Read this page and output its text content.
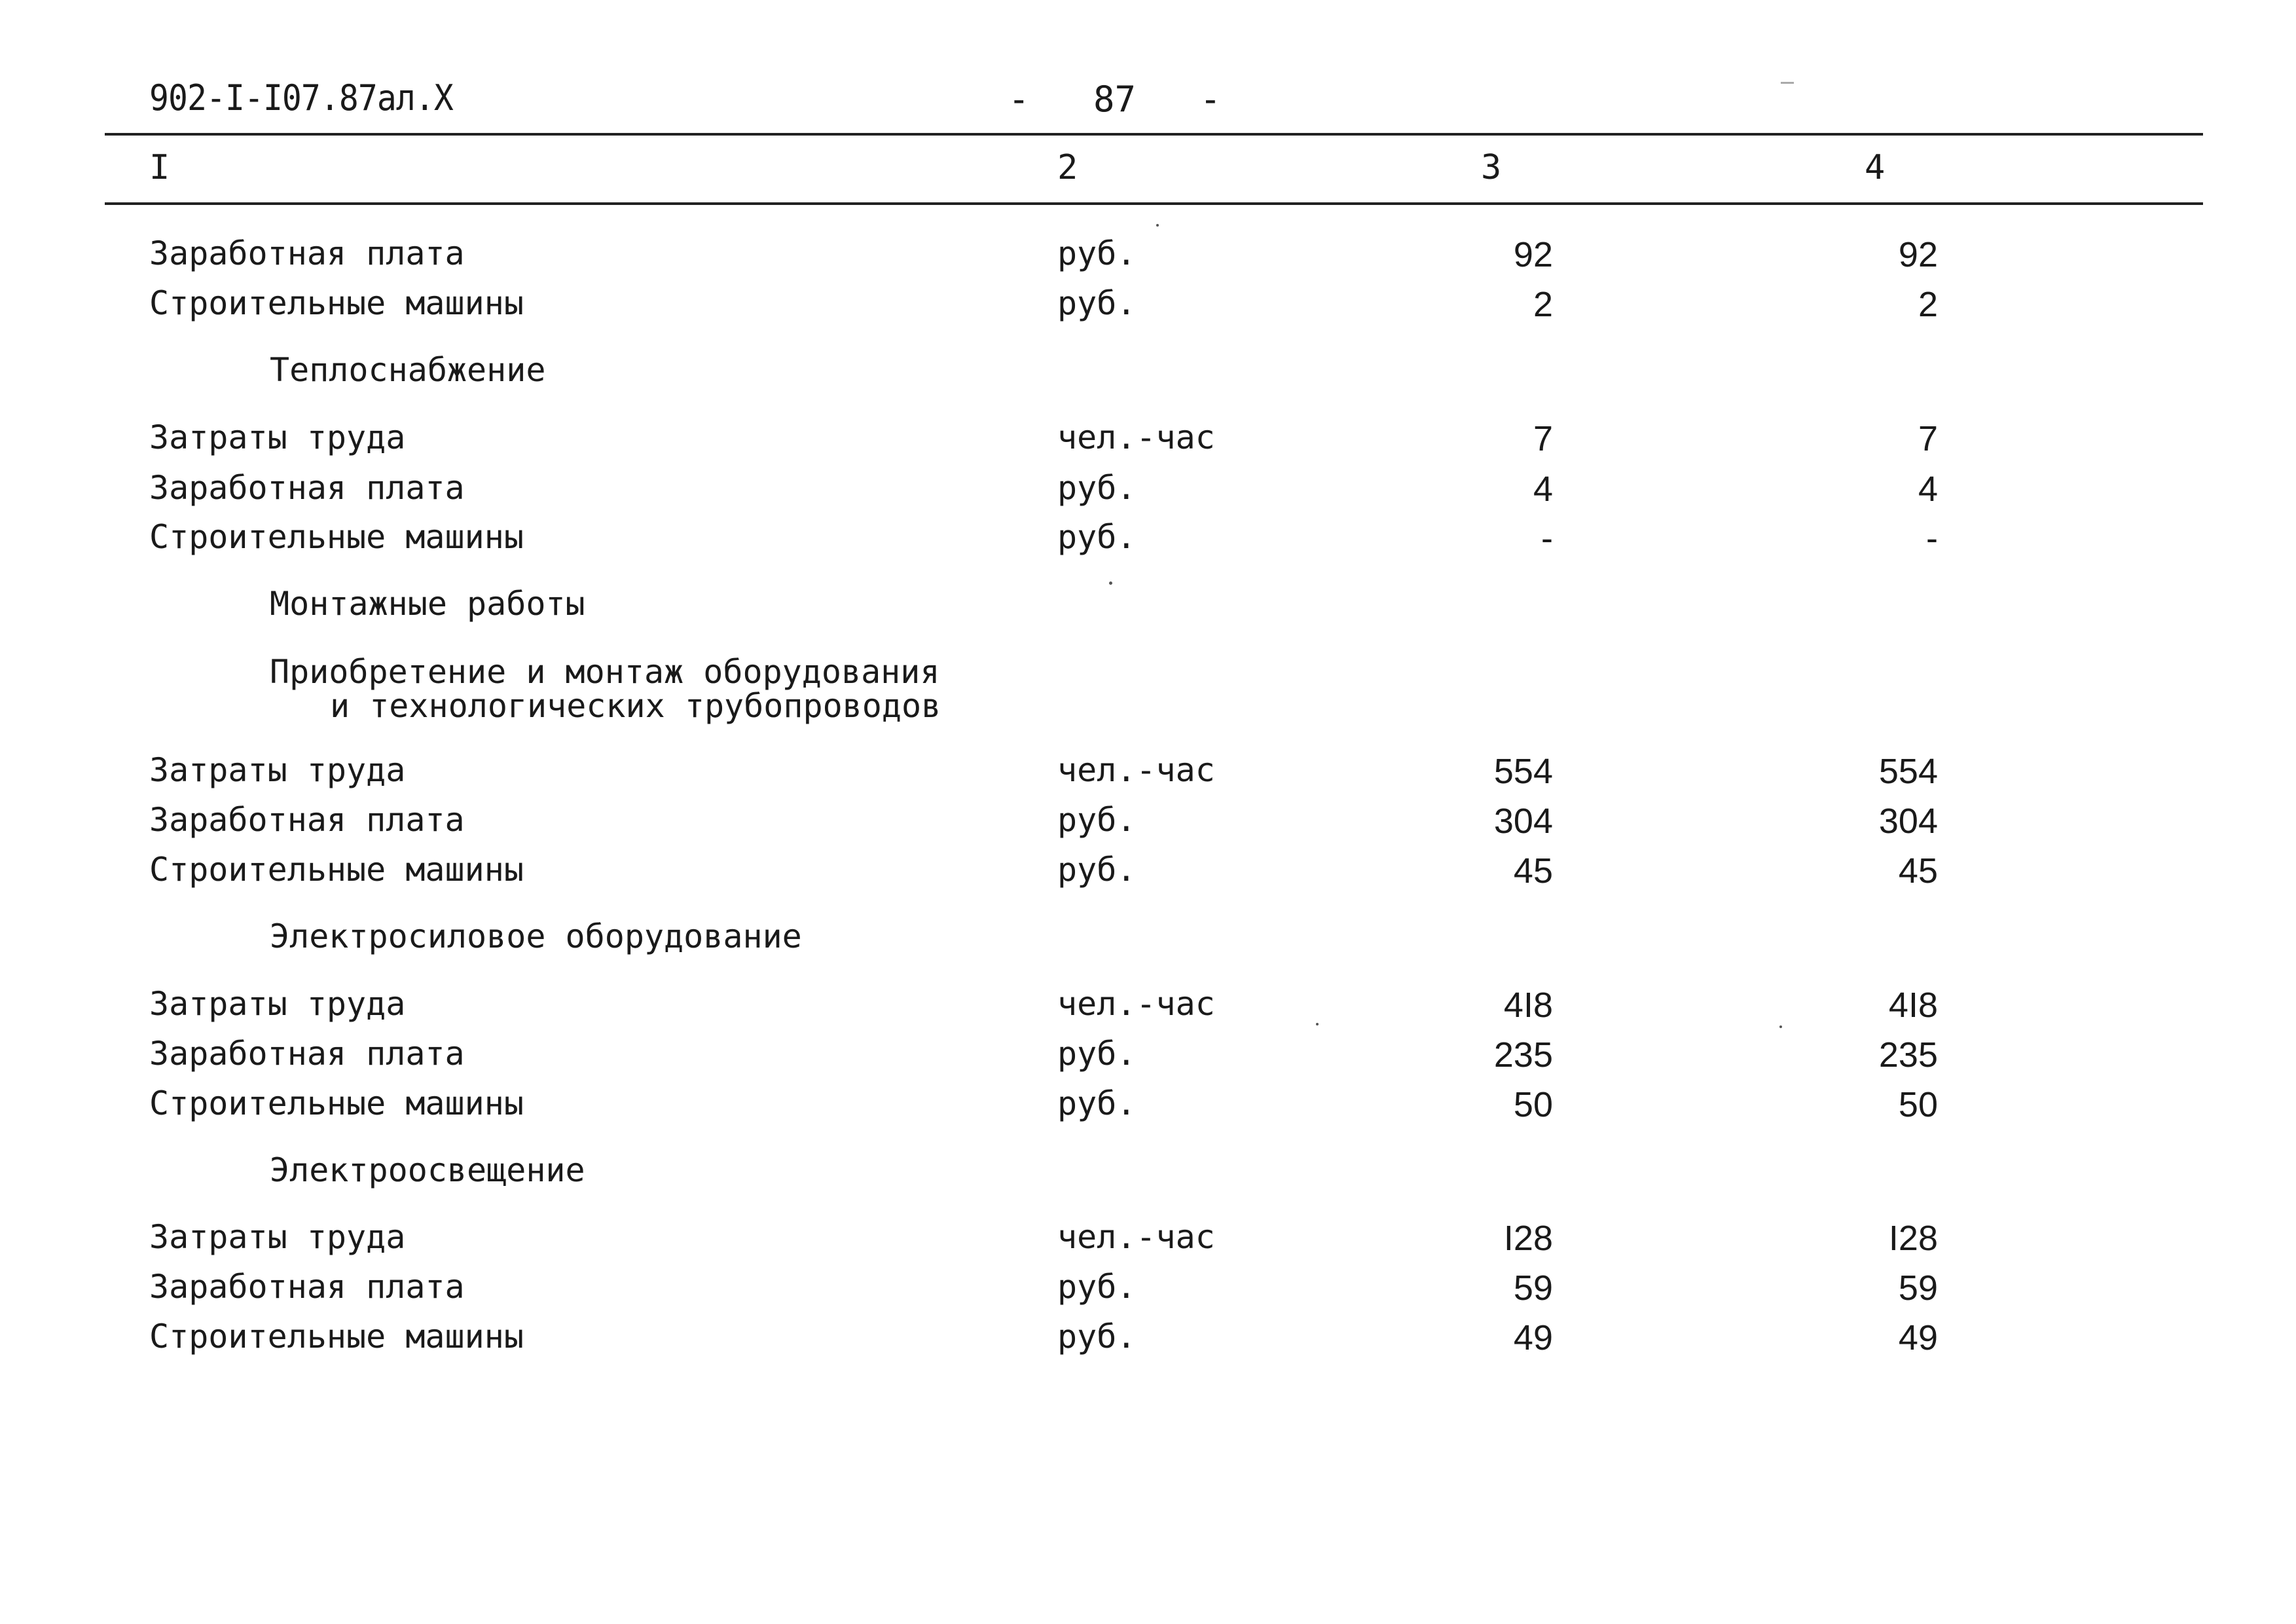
902-I-I07.87ал.X	-   87   -
I	2	3	4
Заработная плата	руб.	92	92
Строительные машины	руб.	2	2
Теплоснабжение
Затраты труда	чел.-час	7	7
Заработная плата	руб.	4	4
Строительные машины	руб.	-	-
Монтажные работы
Приобретение и монтаж оборудования
и технологических трубопроводов
Затраты труда	чел.-час	554	554
Заработная плата	руб.	304	304
Строительные машины	руб.	45	45
Электросиловое оборудование
Затраты труда	чел.-час	4I8	4I8
Заработная плата	руб.	235	235
Строительные машины	руб.	50	50
Электроосвещение
Затраты труда	чел.-час	I28	I28
Заработная плата	руб.	59	59
Строительные машины	руб.	49	49
